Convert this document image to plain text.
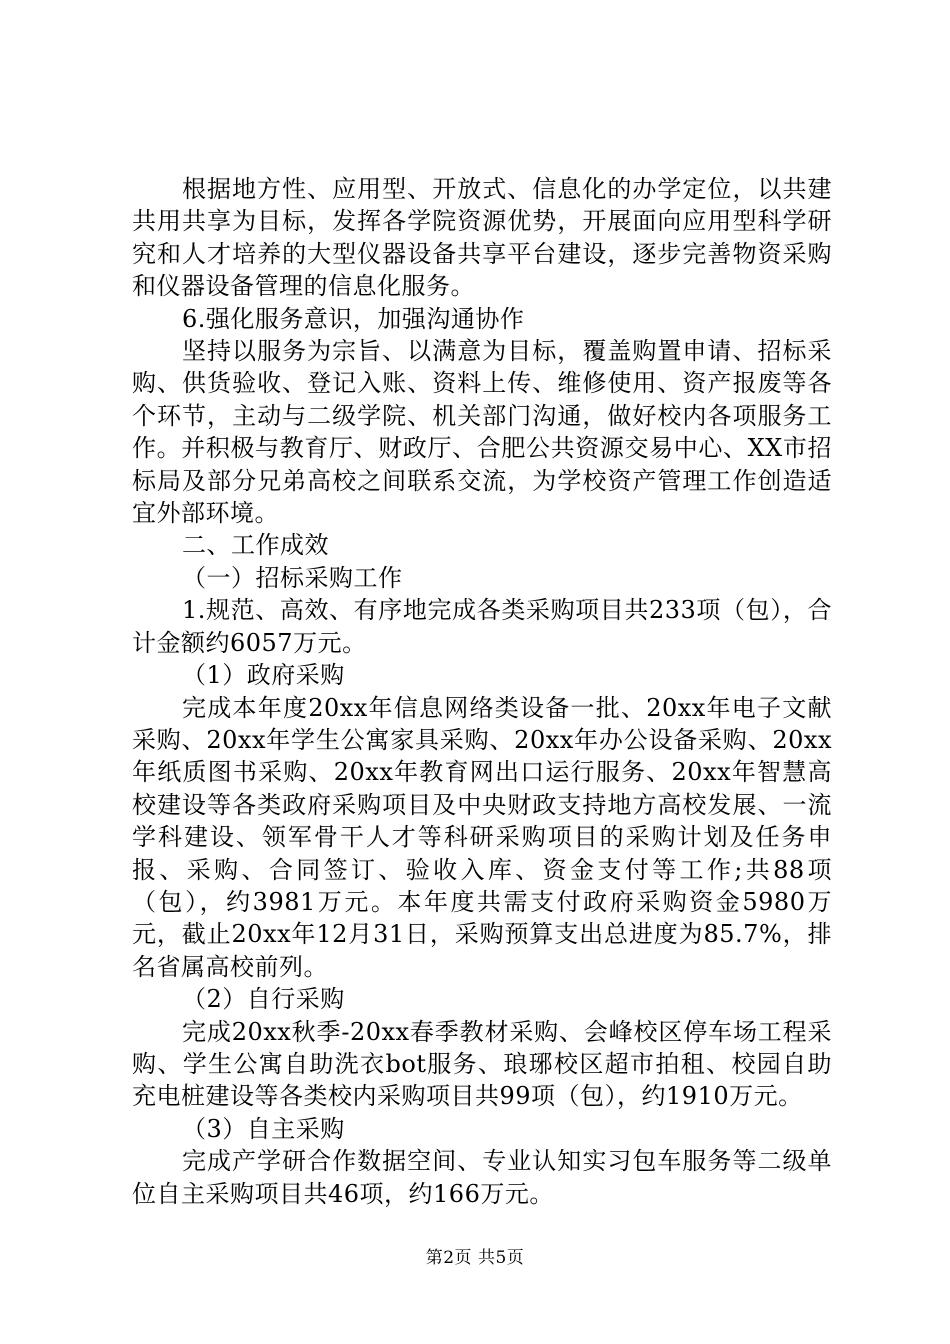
根据地方性、应用型、开放式、信息化的办学定位，以共建共用共享为目标，发挥各学院资源优势，开展面向应用型科学研究和人才培养的大型仪器设备共享平台建设，逐步完善物资采购和仪器设备管理的信息化服务。

6.强化服务意识，加强沟通协作

坚持以服务为宗旨、以满意为目标，覆盖购置申请、招标采购、供货验收、登记入账、资料上传、维修使用、资产报废等各个环节，主动与二级学院、机关部门沟通，做好校内各项服务工作。并积极与教育厅、财政厅、合肥公共资源交易中心、XX市招标局及部分兄弟高校之间联系交流，为学校资产管理工作创造适宜外部环境。

二、工作成效

（一）招标采购工作

1.规范、高效、有序地完成各类采购项目共233项（包），合计金额约6057万元。

（1）政府采购

完成本年度20xx年信息网络类设备一批、20xx年电子文献采购、20xx年学生公寓家具采购、20xx年办公设备采购、20xx年纸质图书采购、20xx年教育网出口运行服务、20xx年智慧高校建设等各类政府采购项目及中央财政支持地方高校发展、一流学科建设、领军骨干人才等科研采购项目的采购计划及任务申报、采购、合同签订、验收入库、资金支付等工作;共88项（包），约3981万元。本年度共需支付政府采购资金5980万元，截止20xx年12月31日，采购预算支出总进度为85.7%，排名省属高校前列。

（2）自行采购

完成20xx秋季-20xx春季教材采购、会峰校区停车场工程采购、学生公寓自助洗衣bot服务、琅琊校区超市拍租、校园自助充电桩建设等各类校内采购项目共99项（包），约1910万元。

（3）自主采购

完成产学研合作数据空间、专业认知实习包车服务等二级单位自主采购项目共46项，约166万元。

第2页 共5页
